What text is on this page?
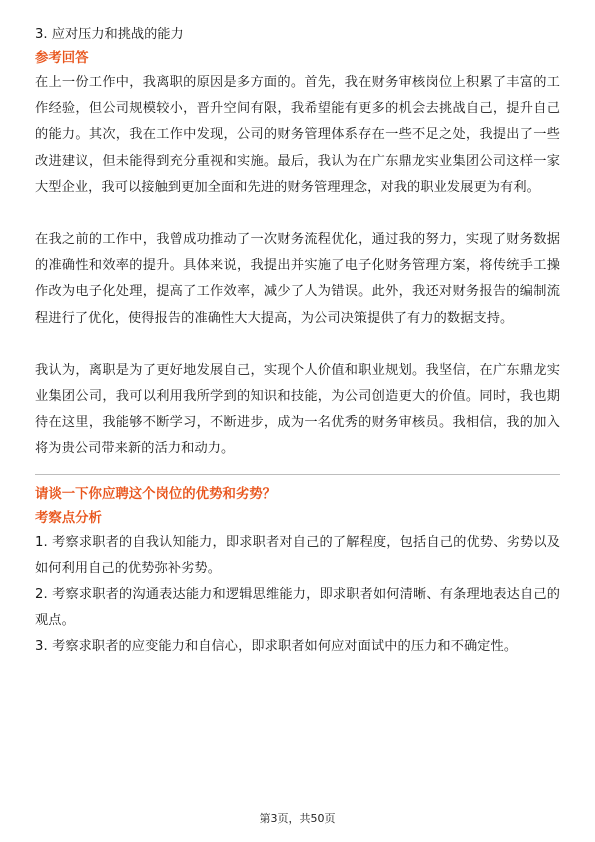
3. 应对压力和挑战的能力

参考回答

在上一份工作中，我离职的原因是多方面的。首先，我在财务审核岗位上积累了丰富的工作经验，但公司规模较小，晋升空间有限，我希望能有更多的机会去挑战自己，提升自己的能力。其次，我在工作中发现，公司的财务管理体系存在一些不足之处，我提出了一些改进建议，但未能得到充分重视和实施。最后，我认为在广东鼎龙实业集团公司这样一家大型企业，我可以接触到更加全面和先进的财务管理理念，对我的职业发展更为有利。

在我之前的工作中，我曾成功推动了一次财务流程优化，通过我的努力，实现了财务数据的准确性和效率的提升。具体来说，我提出并实施了电子化财务管理方案，将传统手工操作改为电子化处理，提高了工作效率，减少了人为错误。此外，我还对财务报告的编制流程进行了优化，使得报告的准确性大大提高，为公司决策提供了有力的数据支持。

我认为，离职是为了更好地发展自己，实现个人价值和职业规划。我坚信，在广东鼎龙实业集团公司，我可以利用我所学到的知识和技能，为公司创造更大的价值。同时，我也期待在这里，我能够不断学习，不断进步，成为一名优秀的财务审核员。我相信，我的加入将为贵公司带来新的活力和动力。

请谈一下你应聘这个岗位的优势和劣势？

考察点分析

1. 考察求职者的自我认知能力，即求职者对自己的了解程度，包括自己的优势、劣势以及如何利用自己的优势弥补劣势。

2. 考察求职者的沟通表达能力和逻辑思维能力，即求职者如何清晰、有条理地表达自己的观点。

3. 考察求职者的应变能力和自信心，即求职者如何应对面试中的压力和不确定性。

第3页，共50页
